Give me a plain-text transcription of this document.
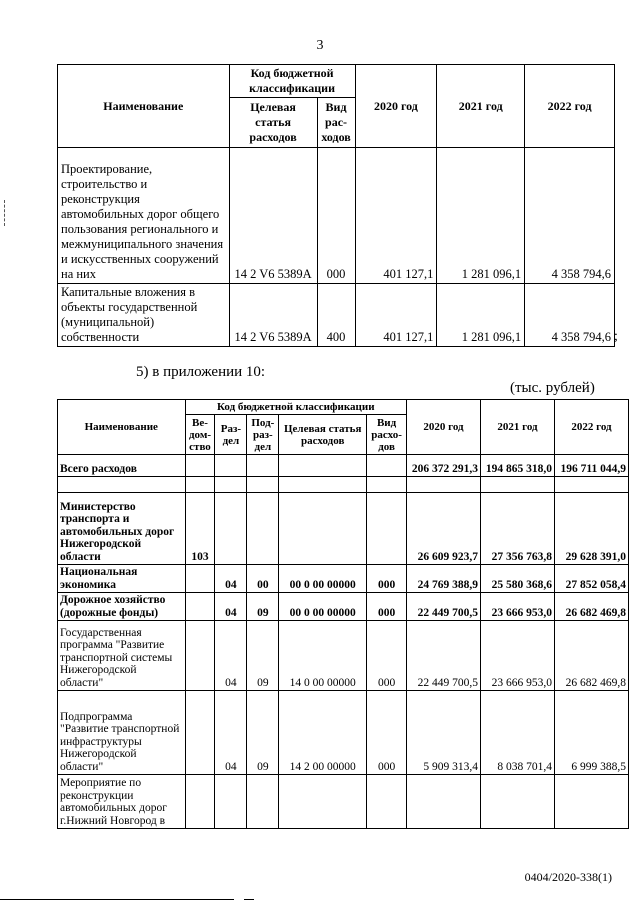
3
Наименование	Код бюджетной классификации		2020 год	2021 год	2022 год
	Целевая статья расходов	Вид рас-ходов			
Проектирование, строительство и реконструкция автомобильных дорог общего пользования регионального и межмуниципального значения и искусственных сооружений на них	14 2 V6 5389A	000	401 127,1	1 281 096,1	4 358 794,6
Капитальные вложения в объекты государственной (муниципальной) собственности	14 2 V6 5389A	400	401 127,1	1 281 096,1	4 358 794,6 ;
5) в приложении 10:
(тыс. рублей)
Наименование	Код бюджетной классификации					2020 год	2021 год	2022 год
	Ве-дом-ство	Раз-дел	Под-раз-дел	Целевая статья расходов	Вид расхо-дов			
Всего расходов						206 372 291,3	194 865 318,0	196 711 044,9

Министерство транспорта и автомобильных дорог Нижегородской области	103					26 609 923,7	27 356 763,8	29 628 391,0
Национальная экономика		04	00	00 0 00 00000	000	24 769 388,9	25 580 368,6	27 852 058,4
Дорожное хозяйство (дорожные фонды)		04	09	00 0 00 00000	000	22 449 700,5	23 666 953,0	26 682 469,8
Государственная программа "Развитие транспортной системы Нижегородской области"		04	09	14 0 00 00000	000	22 449 700,5	23 666 953,0	26 682 469,8
Подпрограмма "Развитие транспортной инфраструктуры Нижегородской области"		04	09	14 2 00 00000	000	5 909 313,4	8 038 701,4	6 999 388,5
Мероприятие по реконструкции автомобильных дорог г.Нижний Новгород в								
0404/2020-338(1)
